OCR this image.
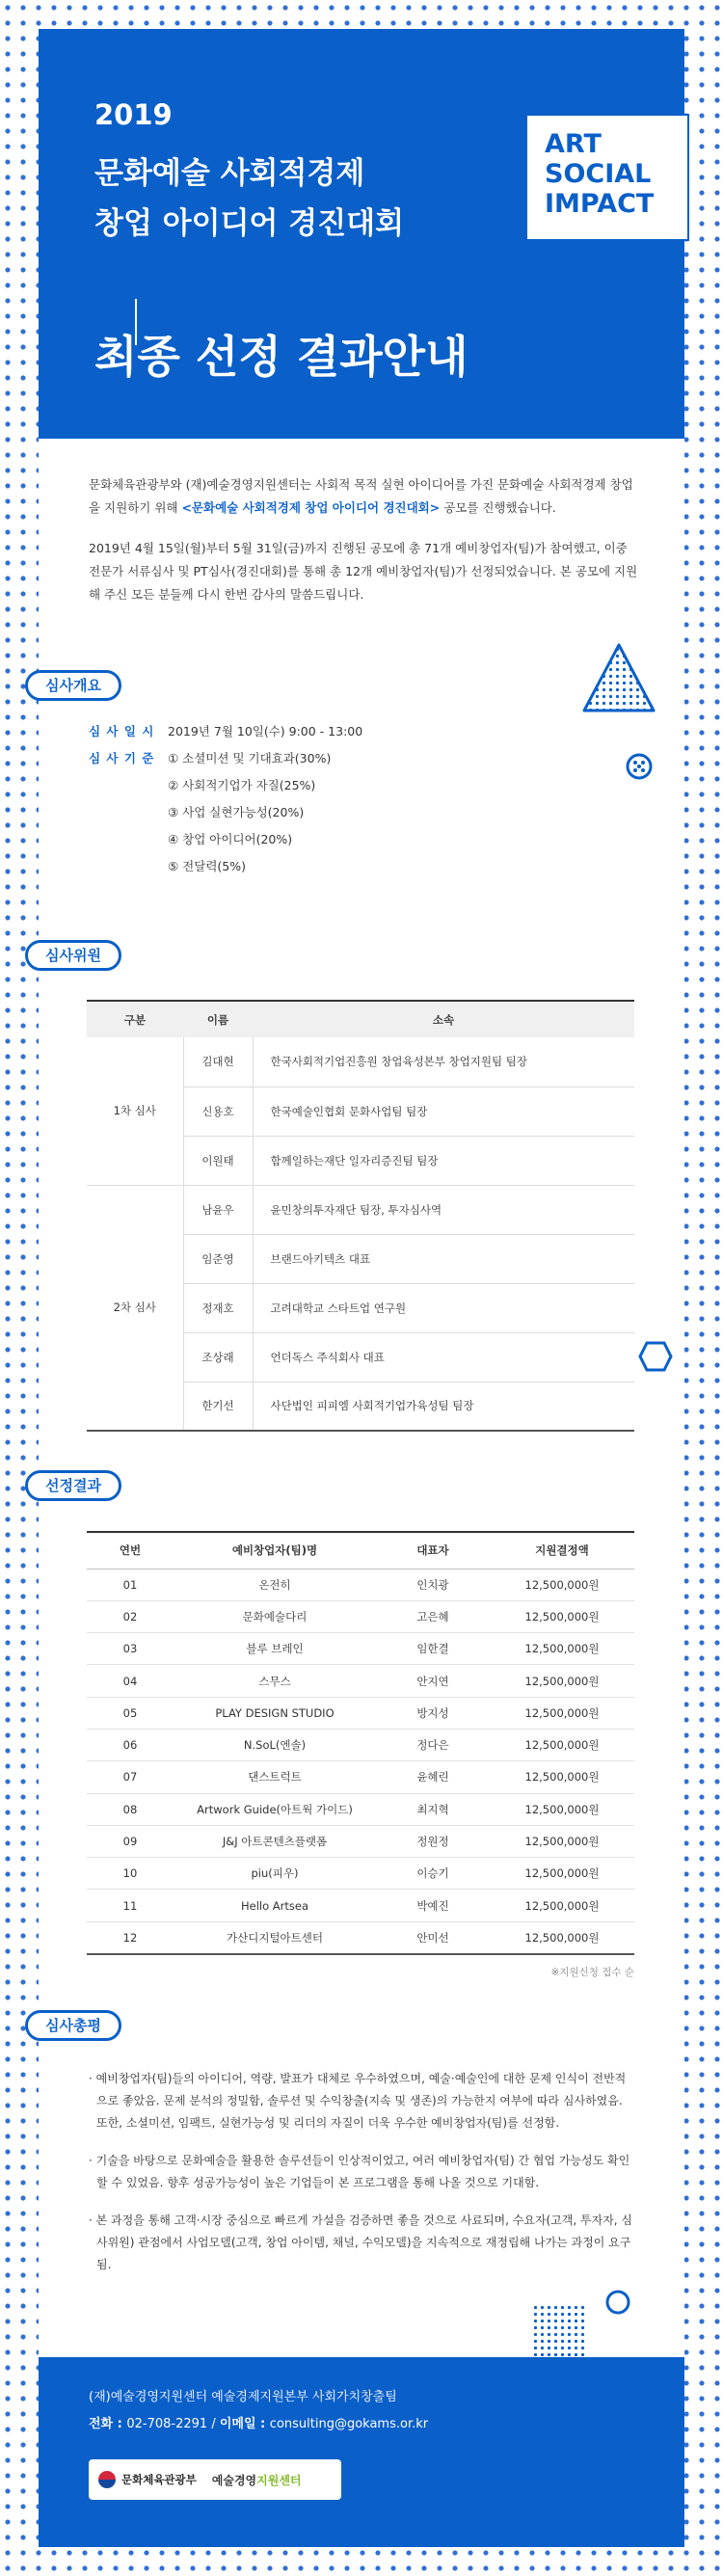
2019
문화예술 사회적경제
창업 아이디어 경진대회
최종 선정 결과안내
ART
SOCIAL
IMPACT

문화체육관광부와 (재)예술경영지원센터는 사회적 목적 실현 아이디어를 가진 문화예술 사회적경제 창업을 지원하기 위해 <문화예술 사회적경제 창업 아이디어 경진대회> 공모를 진행했습니다.

2019년 4월 15일(월)부터 5월 31일(금)까지 진행된 공모에 총 71개 예비창업자(팀)가 참여했고, 이중 전문가 서류심사 및 PT심사(경진대회)를 통해 총 12개 예비창업자(팀)가 선정되었습니다. 본 공모에 지원해 주신 모든 분들께 다시 한번 감사의 말씀드립니다.

심사개요
심 사 일 시	2019년 7월 10일(수) 9:00 - 13:00
심 사 기 준	① 소셜미션 및 기대효과(30%)
② 사회적기업가 자질(25%)
③ 사업 실현가능성(20%)
④ 창업 아이디어(20%)
⑤ 전달력(5%)
심사위원
구분	이름	소속
1차 심사	김대현	한국사회적기업진흥원 창업육성본부 창업지원팀 팀장
	신용호	한국예술인협회 문화사업팀 팀장
	이원태	함께일하는재단 일자리증진팀 팀장
2차 심사	남윤우	윤민창의투자재단 팀장, 투자심사역
	임준영	브랜드아키텍츠 대표
	정재호	고려대학교 스타트업 연구원
	조상래	언더독스 주식회사 대표
	한기선	사단법인 피피엠 사회적기업가육성팀 팀장
선정결과
연번	예비창업자(팀)명	대표자	지원결정액
01	온전히	인치광	12,500,000원
02	문화예술다리	고은혜	12,500,000원
03	블루 브레인	임한결	12,500,000원
04	스무스	안지연	12,500,000원
05	PLAY DESIGN STUDIO	방지성	12,500,000원
06	N.SoL(엔솔)	정다은	12,500,000원
07	댄스트럭트	윤혜린	12,500,000원
08	Artwork Guide(아트웍 가이드)	최지혁	12,500,000원
09	J&J 아트콘텐츠플랫폼	정원정	12,500,000원
10	piu(피우)	이승기	12,500,000원
11	Hello Artsea	박예진	12,500,000원
12	가산디지털아트센터	안미선	12,500,000원
※지원신청 접수 순
심사총평

· 예비창업자(팀)들의 아이디어, 역량, 발표가 대체로 우수하였으며, 예술·예술인에 대한 문제 인식이 전반적으로 좋았음. 문제 분석의 정밀함, 솔루션 및 수익창출(지속 및 생존)의 가능한지 여부에 따라 심사하였음. 또한, 소셜미션, 임팩트, 실현가능성 및 리더의 자질이 더욱 우수한 예비창업자(팀)를 선정함.

· 기술을 바탕으로 문화예술을 활용한 솔루션들이 인상적이었고, 여러 예비창업자(팀) 간 협업 가능성도 확인할 수 있었음. 향후 성공가능성이 높은 기업들이 본 프로그램을 통해 나올 것으로 기대함.

· 본 과정을 통해 고객·시장 중심으로 빠르게 가설을 검증하면 좋을 것으로 사료되며, 수요자(고객, 투자자, 심사위원) 관점에서 사업모델(고객, 창업 아이템, 채널, 수익모델)을 지속적으로 재정립해 나가는 과정이 요구됨.

(재)예술경영지원센터 예술경제지원본부 사회가치창출팀
전화 : 02-708-2291 / 이메일 : consulting@gokams.or.kr
문화체육관광부 예술경영지원센터
